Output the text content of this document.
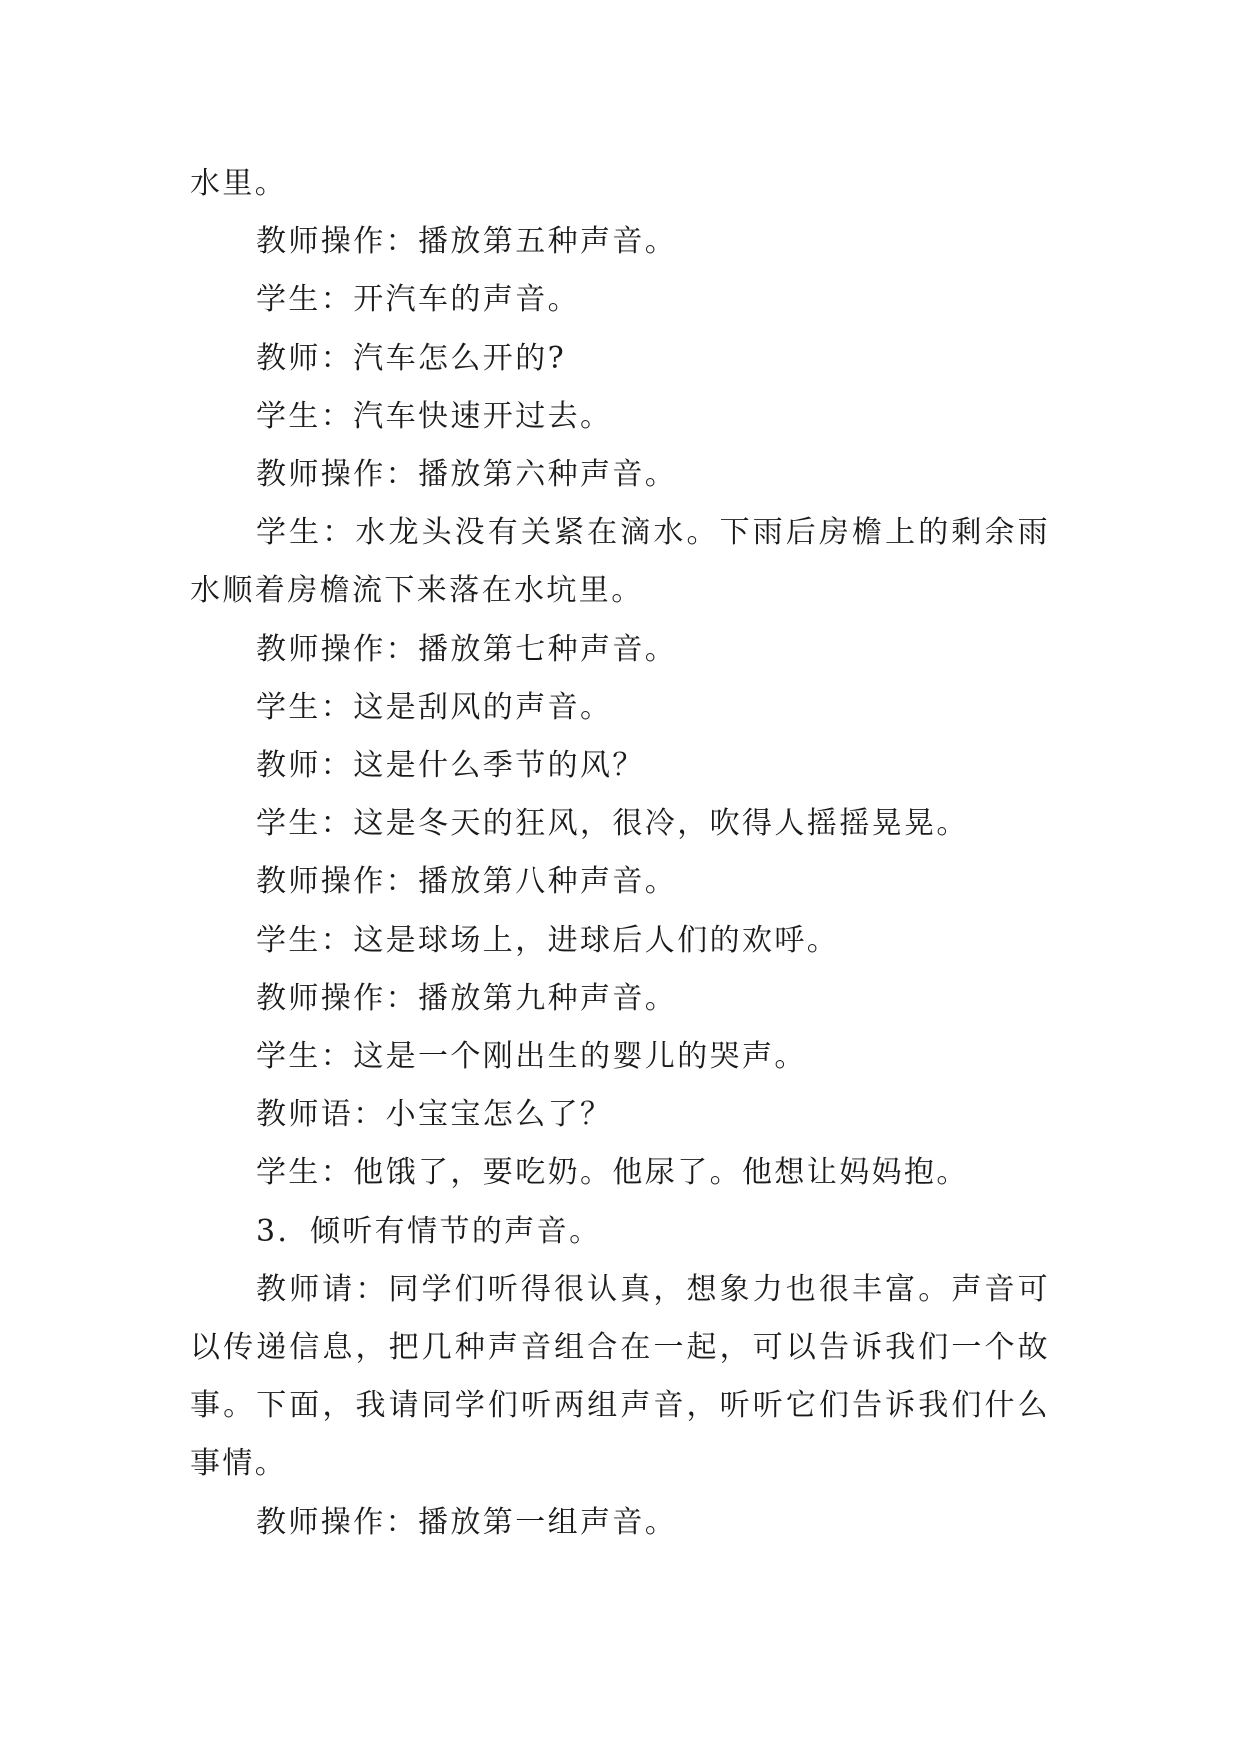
水里。

教师操作：播放第五种声音。

学生：开汽车的声音。

教师：汽车怎么开的?

学生：汽车快速开过去。

教师操作：播放第六种声音。

学生：水龙头没有关紧在滴水。下雨后房檐上的剩余雨水顺着房檐流下来落在水坑里。

教师操作：播放第七种声音。

学生：这是刮风的声音。

教师：这是什么季节的风？

学生：这是冬天的狂风，很冷，吹得人摇摇晃晃。

教师操作：播放第八种声音。

学生：这是球场上，进球后人们的欢呼。

教师操作：播放第九种声音。

学生：这是一个刚出生的婴儿的哭声。

教师语：小宝宝怎么了？

学生：他饿了，要吃奶。他尿了。他想让妈妈抱。

3．倾听有情节的声音。

教师请：同学们听得很认真，想象力也很丰富。声音可以传递信息，把几种声音组合在一起，可以告诉我们一个故事。下面，我请同学们听两组声音，听听它们告诉我们什么事情。

教师操作：播放第一组声音。
